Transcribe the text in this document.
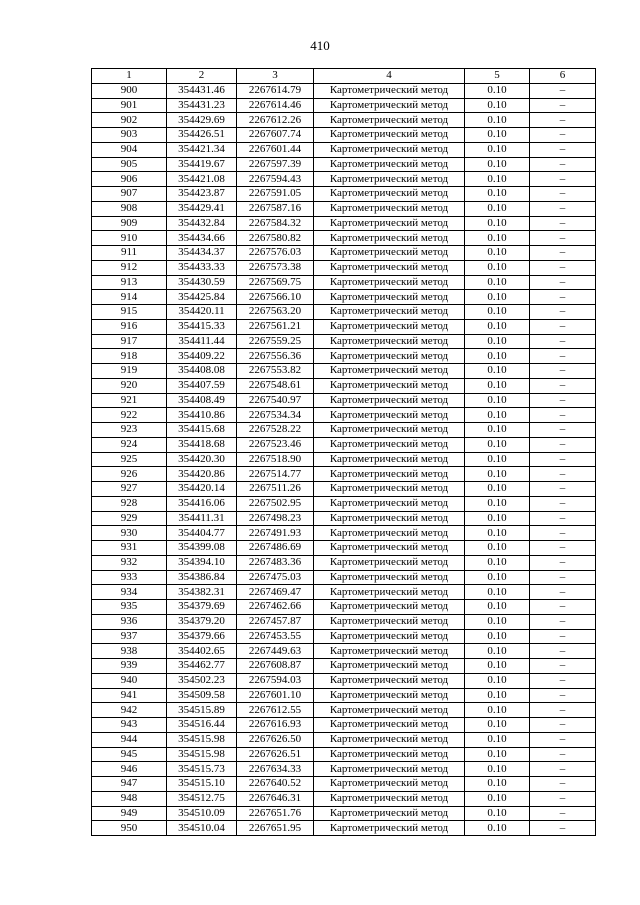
410
1	2	3	4	5	6
900	354431.46	2267614.79	Картометрический метод	0.10	–
901	354431.23	2267614.46	Картометрический метод	0.10	–
902	354429.69	2267612.26	Картометрический метод	0.10	–
903	354426.51	2267607.74	Картометрический метод	0.10	–
904	354421.34	2267601.44	Картометрический метод	0.10	–
905	354419.67	2267597.39	Картометрический метод	0.10	–
906	354421.08	2267594.43	Картометрический метод	0.10	–
907	354423.87	2267591.05	Картометрический метод	0.10	–
908	354429.41	2267587.16	Картометрический метод	0.10	–
909	354432.84	2267584.32	Картометрический метод	0.10	–
910	354434.66	2267580.82	Картометрический метод	0.10	–
911	354434.37	2267576.03	Картометрический метод	0.10	–
912	354433.33	2267573.38	Картометрический метод	0.10	–
913	354430.59	2267569.75	Картометрический метод	0.10	–
914	354425.84	2267566.10	Картометрический метод	0.10	–
915	354420.11	2267563.20	Картометрический метод	0.10	–
916	354415.33	2267561.21	Картометрический метод	0.10	–
917	354411.44	2267559.25	Картометрический метод	0.10	–
918	354409.22	2267556.36	Картометрический метод	0.10	–
919	354408.08	2267553.82	Картометрический метод	0.10	–
920	354407.59	2267548.61	Картометрический метод	0.10	–
921	354408.49	2267540.97	Картометрический метод	0.10	–
922	354410.86	2267534.34	Картометрический метод	0.10	–
923	354415.68	2267528.22	Картометрический метод	0.10	–
924	354418.68	2267523.46	Картометрический метод	0.10	–
925	354420.30	2267518.90	Картометрический метод	0.10	–
926	354420.86	2267514.77	Картометрический метод	0.10	–
927	354420.14	2267511.26	Картометрический метод	0.10	–
928	354416.06	2267502.95	Картометрический метод	0.10	–
929	354411.31	2267498.23	Картометрический метод	0.10	–
930	354404.77	2267491.93	Картометрический метод	0.10	–
931	354399.08	2267486.69	Картометрический метод	0.10	–
932	354394.10	2267483.36	Картометрический метод	0.10	–
933	354386.84	2267475.03	Картометрический метод	0.10	–
934	354382.31	2267469.47	Картометрический метод	0.10	–
935	354379.69	2267462.66	Картометрический метод	0.10	–
936	354379.20	2267457.87	Картометрический метод	0.10	–
937	354379.66	2267453.55	Картометрический метод	0.10	–
938	354402.65	2267449.63	Картометрический метод	0.10	–
939	354462.77	2267608.87	Картометрический метод	0.10	–
940	354502.23	2267594.03	Картометрический метод	0.10	–
941	354509.58	2267601.10	Картометрический метод	0.10	–
942	354515.89	2267612.55	Картометрический метод	0.10	–
943	354516.44	2267616.93	Картометрический метод	0.10	–
944	354515.98	2267626.50	Картометрический метод	0.10	–
945	354515.98	2267626.51	Картометрический метод	0.10	–
946	354515.73	2267634.33	Картометрический метод	0.10	–
947	354515.10	2267640.52	Картометрический метод	0.10	–
948	354512.75	2267646.31	Картометрический метод	0.10	–
949	354510.09	2267651.76	Картометрический метод	0.10	–
950	354510.04	2267651.95	Картометрический метод	0.10	–
